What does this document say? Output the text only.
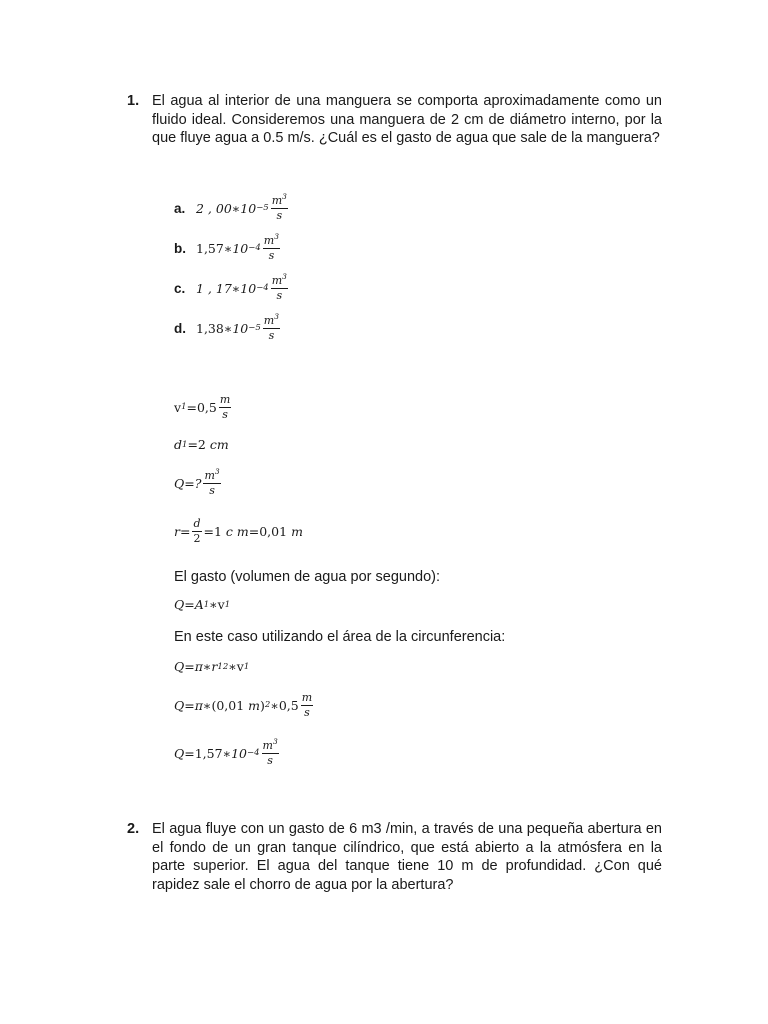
1. El agua al interior de una manguera se comporta aproximadamente como un fluido ideal. Consideremos una manguera de 2 cm de diámetro interno, por la que fluye agua a 0.5 m/s. ¿Cuál es el gasto de agua que sale de la manguera?
a. 2 , 00 ∗10 $-5 \frac{m^3}{s}$
b. 1,57 ∗10 $-4 \frac{m^3}{s}$
c. 1 , 17 ∗10 $-4 \frac{m^3}{s}$
d. 1,38 ∗10 $-5 \frac{m^3}{s}$
v $1 = 0,5 \frac{m}{s}$
d 1 = 2
cm
Q= ? $\frac{m^3}{s}$
$r= \frac{d}{2} = 1$
c m = 0,01
m
El gasto (volumen de agua por segundo):
Q=A 1 ∗ v 1
En este caso utilizando el área de la circunferencia:
Q=π∗r 1 2 ∗ v 1
Q=π∗ ( 0,01
m ) 2 ∗ $0,5 \frac{m}{s}$
Q= 1,57 ∗10 $-4 \frac{m^3}{s}$
2. El agua fluye con un gasto de 6 m3 /min, a través de una pequeña abertura en el fondo de un gran tanque cilíndrico, que está abierto a la atmósfera en la parte superior. El agua del tanque tiene 10 m de profundidad. ¿Con qué rapidez sale el chorro de agua por la abertura?
